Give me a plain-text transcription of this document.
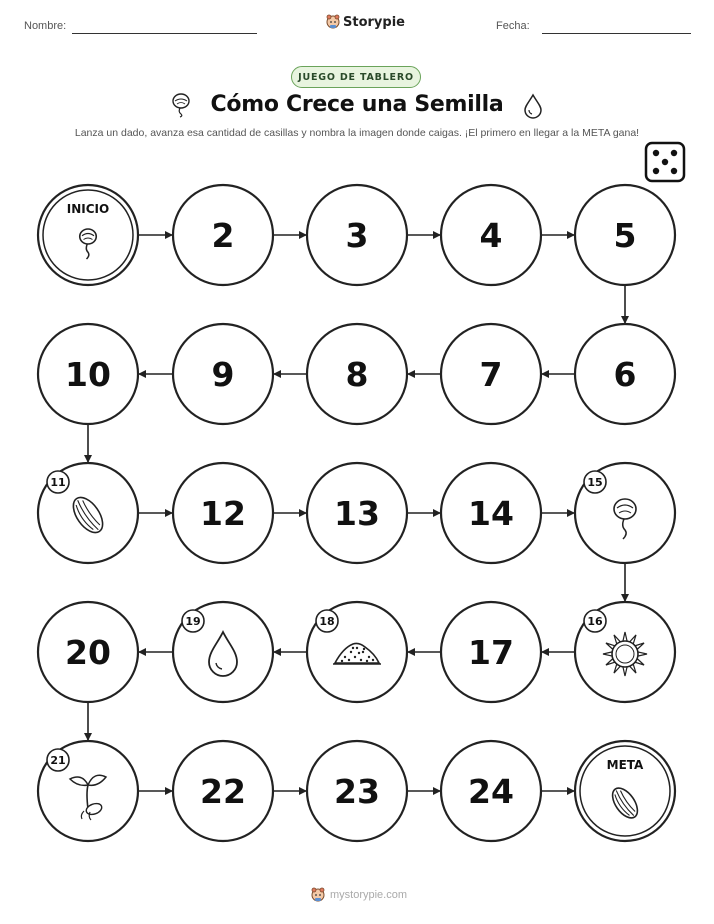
Nombre:	Storypie	Fecha:
JUEGO DE TABLERO
Cómo Crece una Semilla
Lanza un dado, avanza esa cantidad de casillas y nombra la imagen donde caigas. ¡El primero en llegar a la META gana!
INICIO
2	3	4	5
6
7
8
9
10
11
12	13	14
15
16
17
18
19
20
21
22	23	24
META
mystorypie.com
